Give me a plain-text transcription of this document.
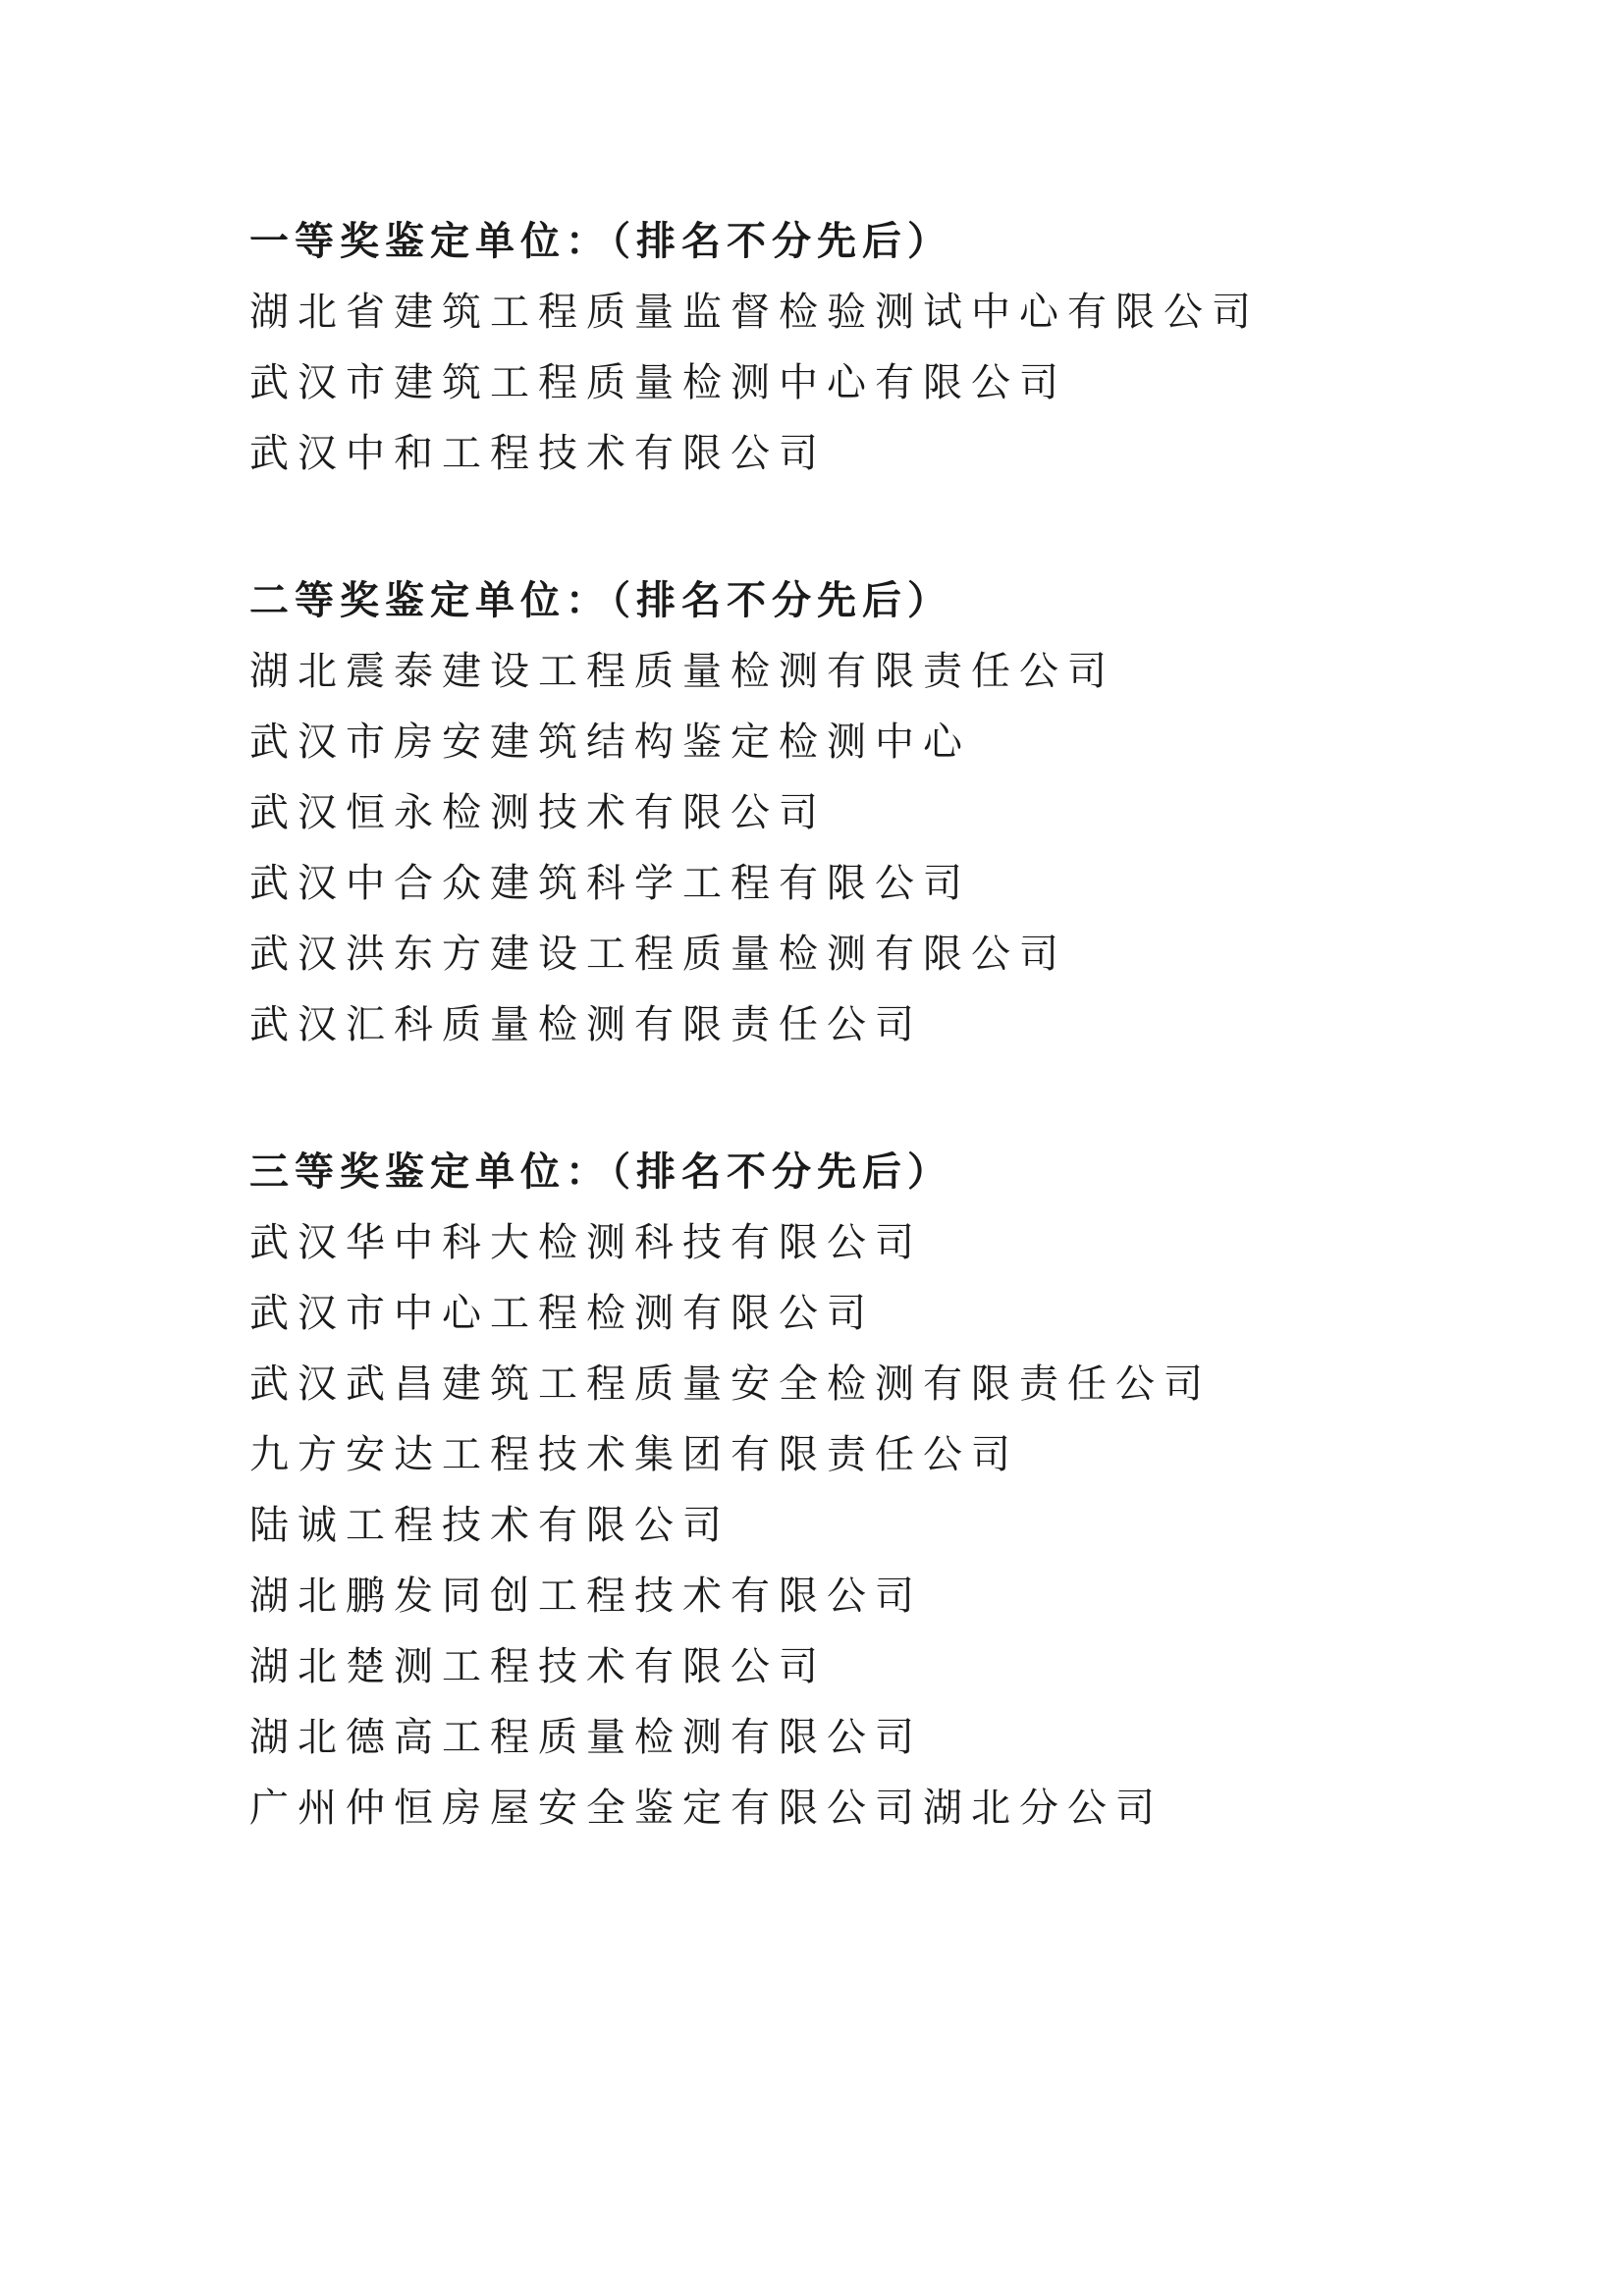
一等奖鉴定单位：（排名不分先后）
湖北省建筑工程质量监督检验测试中心有限公司
武汉市建筑工程质量检测中心有限公司
武汉中和工程技术有限公司
二等奖鉴定单位：（排名不分先后）
湖北震泰建设工程质量检测有限责任公司
武汉市房安建筑结构鉴定检测中心
武汉恒永检测技术有限公司
武汉中合众建筑科学工程有限公司
武汉洪东方建设工程质量检测有限公司
武汉汇科质量检测有限责任公司
三等奖鉴定单位：（排名不分先后）
武汉华中科大检测科技有限公司
武汉市中心工程检测有限公司
武汉武昌建筑工程质量安全检测有限责任公司
九方安达工程技术集团有限责任公司
陆诚工程技术有限公司
湖北鹏发同创工程技术有限公司
湖北楚测工程技术有限公司
湖北德高工程质量检测有限公司
广州仲恒房屋安全鉴定有限公司湖北分公司
